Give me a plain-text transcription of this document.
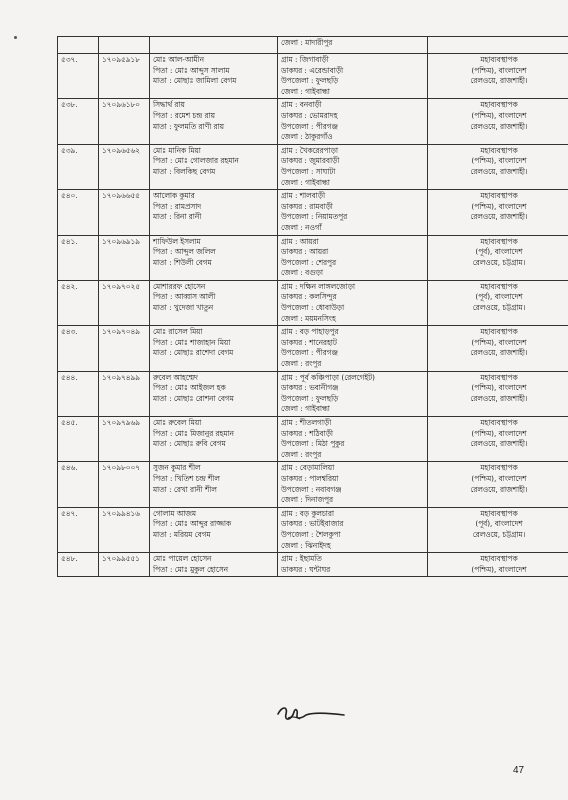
			জেলা : মাদারীপুর	

৫৩৭.	১৭০৯৫৯১৮	মোঃ আল-আমীন
পিতা : মোঃ আব্দুস সালাম
মাতা : মোছাঃ জামিলা বেগম	গ্রাম : জিগাবাড়ী
ডাকঘর : এরেন্ডাবাড়ী
উপজেলা : ফুলছড়ি
জেলা : গাইবান্ধা	মহাব্যবস্থাপক
(পশ্চিম), বাংলাদেশ
রেলওয়ে, রাজশাহী।

৫৩৮.	১৭০৯৬১৮০	সিদ্ধার্থ রায়
পিতা : রমেশ চন্দ্র রায়
মাতা : ফুলমতি রাণী রায়	গ্রাম : বনবাড়ী
ডাকঘর : ভোমরাদহ
উপজেলা : পীরগঞ্জ
জেলা : ঠাকুরগাঁও	মহাব্যবস্থাপক
(পশ্চিম), বাংলাদেশ
রেলওয়ে, রাজশাহী।

৫৩৯.	১৭০৯৬৫৬২	মোঃ মানিক মিয়া
পিতা : মোঃ গোলজার রহমান
মাতা : বিলকিছ বেগম	গ্রাম : খৈকরেরপাড়া
ডাকঘর : জুমারবাড়ী
উপজেলা : সাঘাটা
জেলা : গাইবান্ধা	মহাব্যবস্থাপক
(পশ্চিম), বাংলাদেশ
রেলওয়ে, রাজশাহী।

৫৪০.	১৭০৯৬৬৫৫	আলোক কুমার
পিতা : রামপ্রসাদ
মাতা : রিনা রানী	গ্রাম : শালবাড়ী
ডাকঘর : রামবাড়ী
উপজেলা : নিয়ামতপুর
জেলা : নওগাঁ	মহাব্যবস্থাপক
(পশ্চিম), বাংলাদেশ
রেলওয়ে, রাজশাহী।

৫৪১.	১৭০৯৬৯১৯	শাফিউল ইসলাম
পিতা : আব্দুল জলিল
মাতা : শিউলী বেগম	গ্রাম : আয়রা
ডাকঘর : আয়রা
উপজেলা : শেরপুর
জেলা : বগুড়া	মহাব্যবস্থাপক
(পূর্ব), বাংলাদেশ
রেলওয়ে, চট্টগ্রাম।

৫৪২.	১৭০৯৭০২৫	মোশাররফ হোসেন
পিতা : আব্বাস আলী
মাতা : খুদেজা খাতুন	গ্রাম : দক্ষিন লাঙ্গলজোড়া
ডাকঘর : কলসিন্দুর
উপজেলা : ধোবাউড়া
জেলা : ময়মনসিংহ	মহাব্যবস্থাপক
(পূর্ব), বাংলাদেশ
রেলওয়ে, চট্টগ্রাম।

৫৪৩.	১৭০৯৭০৪৯	মোঃ রাসেল মিয়া
পিতা : মোঃ শাজাহান মিয়া
মাতা : মোছাঃ রাশেদা বেগম	গ্রাম : বড় পাহাড়পুর
ডাকঘর : শানেরহাট
উপজেলা : পীরগঞ্জ
জেলা : রংপুর	মহাব্যবস্থাপক
(পশ্চিম), বাংলাদেশ
রেলওয়ে, রাজশাহী।

৫৪৪.	১৭০৯৭৪৯৯	রুবেল আহম্মেদ
পিতা : মোঃ আইজল হক
মাতা : মোছাঃ রোশনা বেগম	গ্রাম : পূর্ব কঞ্চিপাড়া (রেলগেইট)
ডাকঘর : ভবানীগঞ্জ
উপজেলা : ফুলছড়ি
জেলা : গাইবান্ধা	মহাব্যবস্থাপক
(পশ্চিম), বাংলাদেশ
রেলওয়ে, রাজশাহী।

৫৪৫.	১৭০৯৭৯৬৯	মোঃ রুবেল মিয়া
পিতা : মোঃ মিজানুর রহমান
মাতা : মোছাঃ রুবি বেগম	গ্রাম : শীতলগাড়ী
ডাকঘর : শঠিবাড়ী
উপজেলা : মিঠা পুকুর
জেলা : রংপুর	মহাব্যবস্থাপক
(পশ্চিম), বাংলাদেশ
রেলওয়ে, রাজশাহী।

৫৪৬.	১৭০৯৮০০৭	সুজন কুমার শীল
পিতা : খিতিশ চন্দ্র শীল
মাতা : রেখা রানী শীল	গ্রাম : বেড়ামালিয়া
ডাকঘর : পালশ্বরিয়া
উপজেলা : নবাবগঞ্জ
জেলা : দিনাজপুর	মহাব্যবস্থাপক
(পশ্চিম), বাংলাদেশ
রেলওয়ে, রাজশাহী।

৫৪৭.	১৭০৯৯৪১৬	গোলাম আজম
পিতা : মোঃ আব্দুর রাজ্জাক
মাতা : মরিয়ম বেগম	গ্রাম : বড় কুলচারা
ডাকঘর : ভাটইবাজার
উপজেলা : শৈলকুপা
জেলা : ঝিনাইদহ	মহাব্যবস্থাপক
(পূর্ব), বাংলাদেশ
রেলওয়ে, চট্টগ্রাম।

৫৪৮.	১৭০৯৯৫৫১	মোঃ পায়েল হোসেন
পিতা : মোঃ মুকুল হোসেন	গ্রাম : ইছামতি
ডাকঘর : ঘন্টাঘর	মহাব্যবস্থাপক
(পশ্চিম), বাংলাদেশ
47
